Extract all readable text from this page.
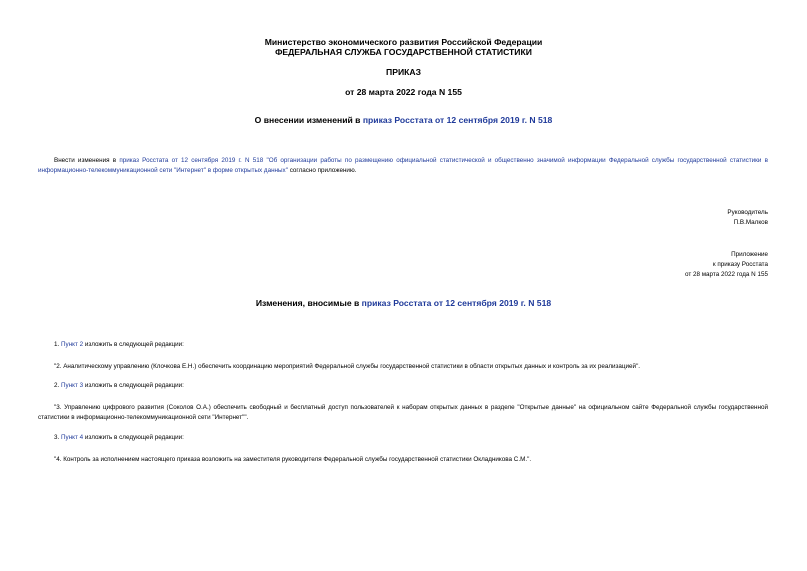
Министерство экономического развития Российской Федерации

ФЕДЕРАЛЬНАЯ СЛУЖБА ГОСУДАРСТВЕННОЙ СТАТИСТИКИ

ПРИКАЗ

от 28 марта 2022 года N 155

О внесении изменений в приказ Росстата от 12 сентября 2019 г. N 518

Внести изменения в приказ Росстата от 12 сентября 2019 г. N 518 "Об организации работы по размещению официальной статистической и общественно значимой информации Федеральной службы государственной статистики в информационно-телекоммуникационной сети "Интернет" в форме открытых данных" согласно приложению.

Руководитель

П.В.Малков

Приложение

к приказу Росстата

от 28 марта 2022 года N 155

Изменения, вносимые в приказ Росстата от 12 сентября 2019 г. N 518

1. Пункт 2 изложить в следующей редакции:

"2. Аналитическому управлению (Клочкова Е.Н.) обеспечить координацию мероприятий Федеральной службы государственной статистики в области открытых данных и контроль за их реализацией".

2. Пункт 3 изложить в следующей редакции:

"3. Управлению цифрового развития (Соколов О.А.) обеспечить свободный и бесплатный доступ пользователей к наборам открытых данных в разделе "Открытые данные" на официальном сайте Федеральной службы государственной статистики в информационно-телекоммуникационной сети "Интернет"".

3. Пункт 4 изложить в следующей редакции:

"4. Контроль за исполнением настоящего приказа возложить на заместителя руководителя Федеральной службы государственной статистики Окладникова С.М.".
